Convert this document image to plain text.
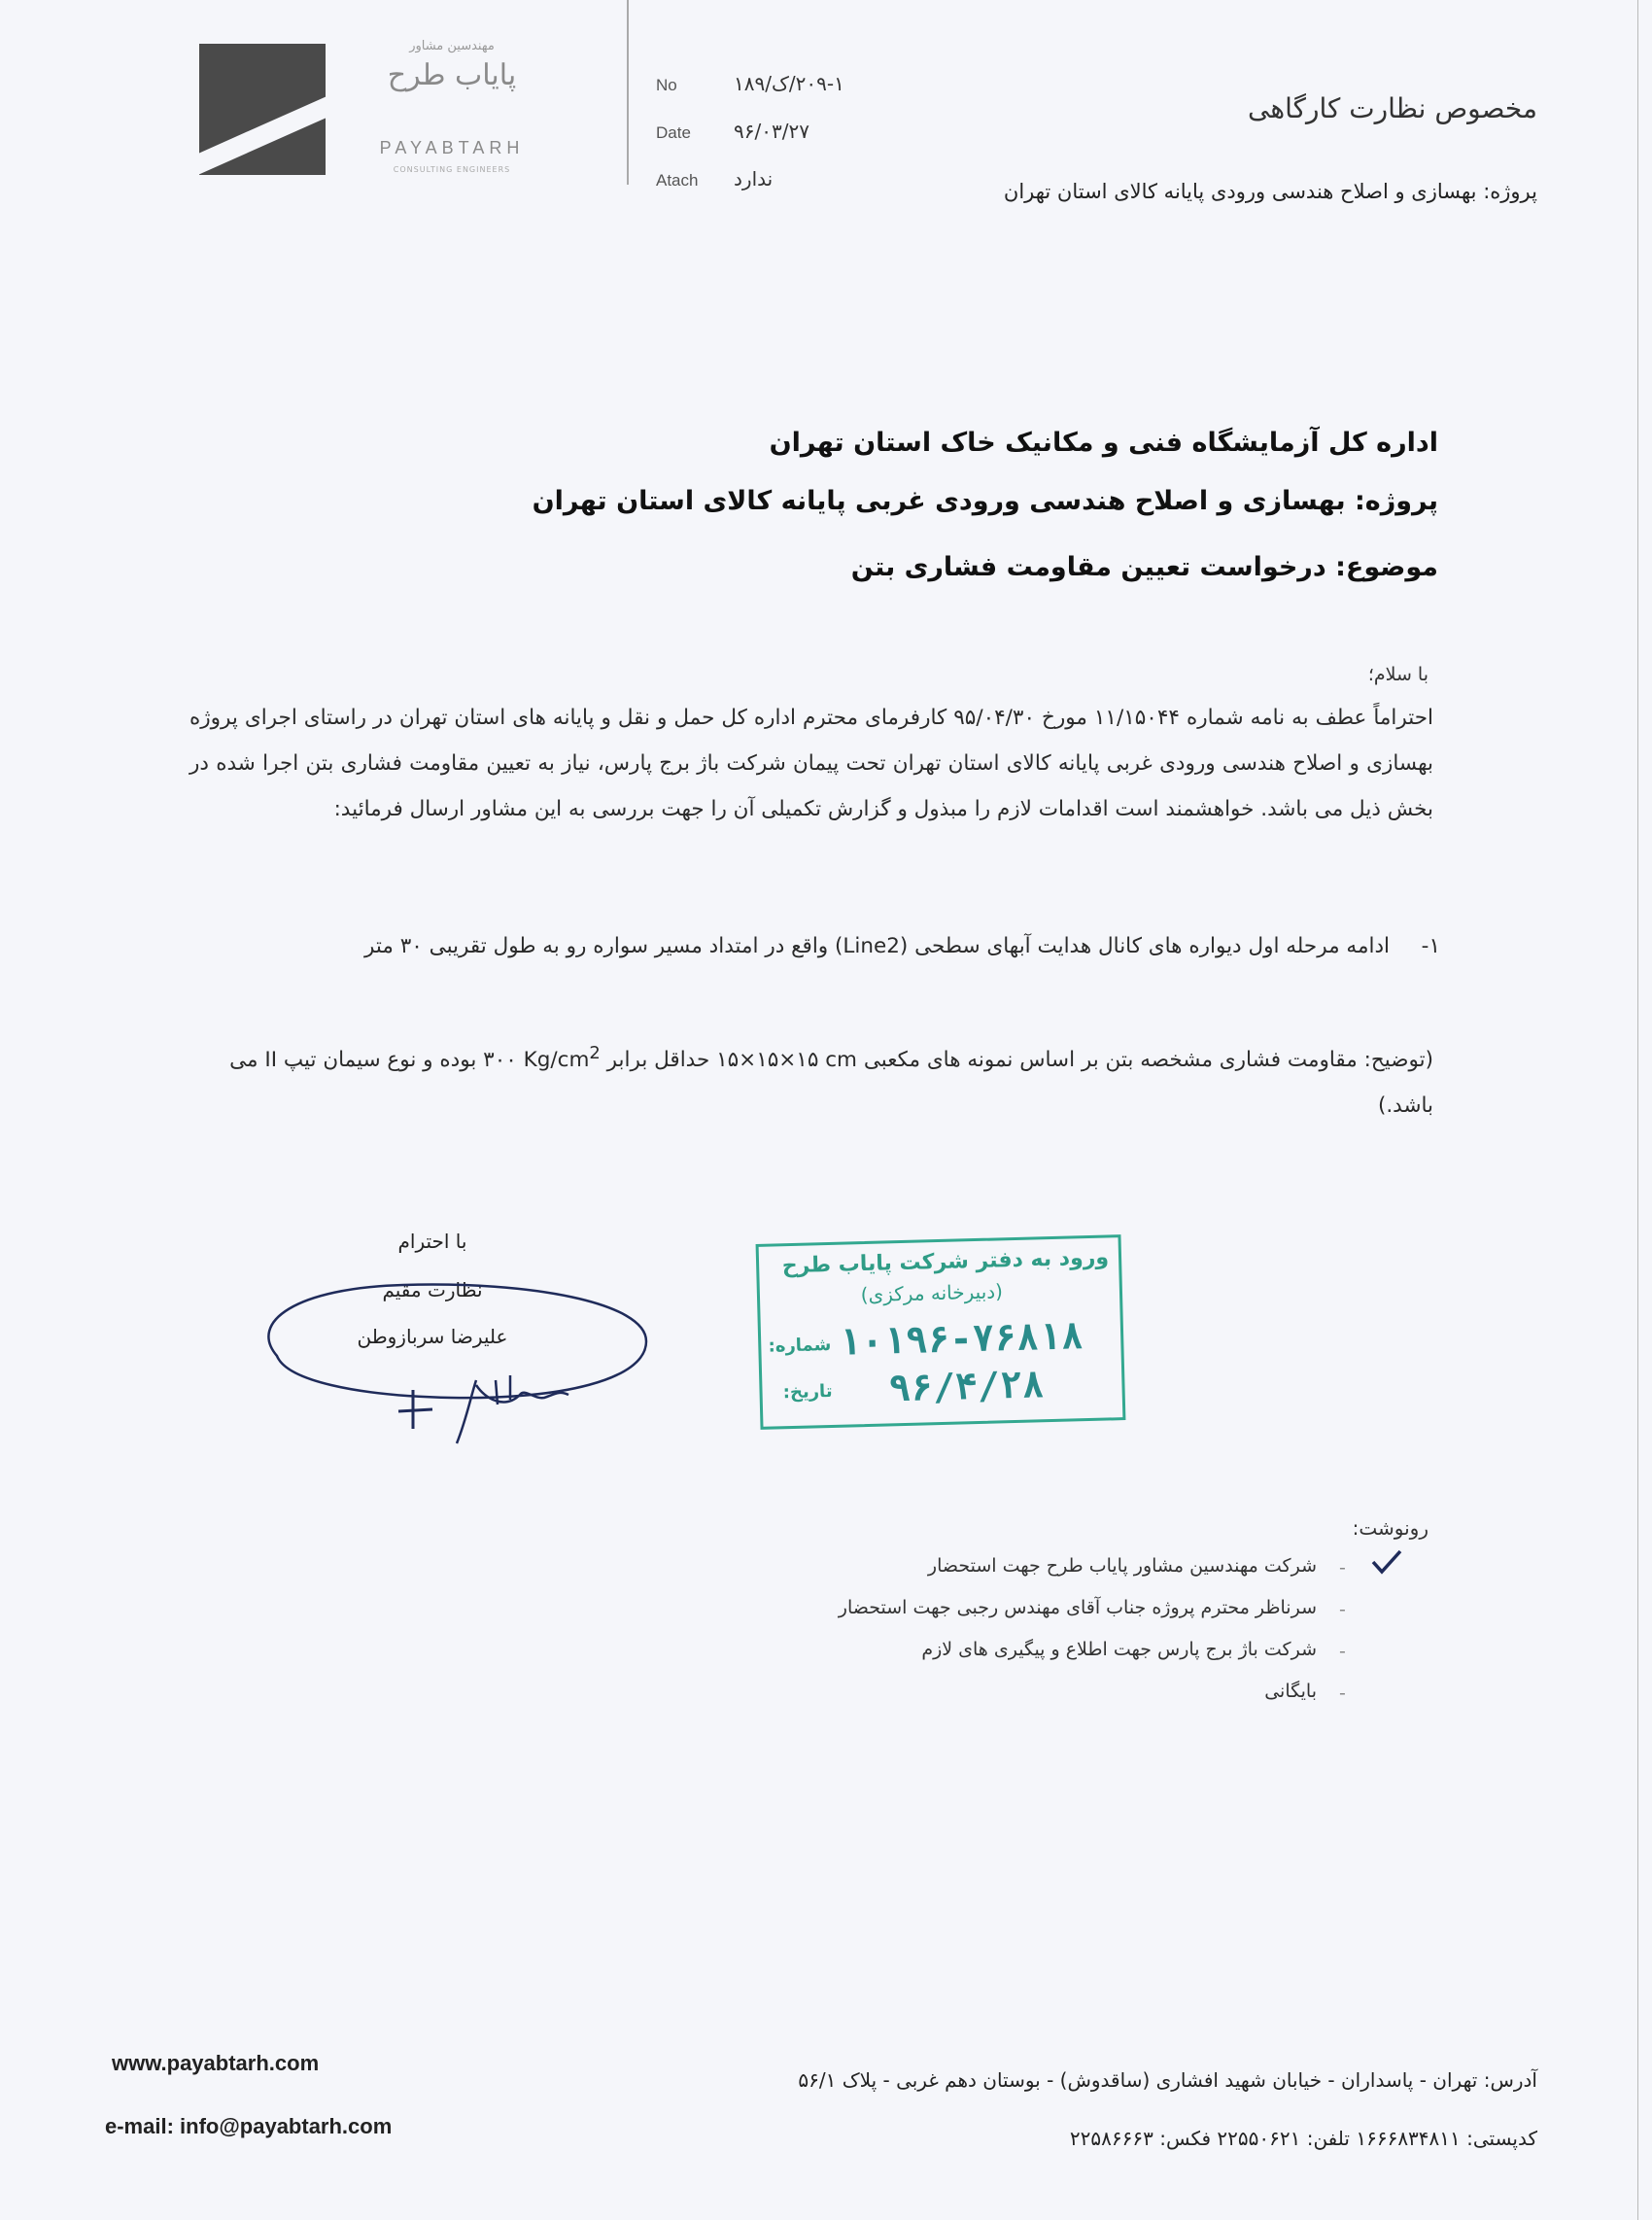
مهندسین مشاور
پایاب طرح
PAYABTARH
CONSULTING ENGINEERS
No	۲۰۹-۱/ک/۱۸۹
Date	۹۶/۰۳/۲۷
Atach	ندارد
مخصوص نظارت کارگاهی
پروژه: بهسازی و اصلاح هندسی ورودی پایانه کالای استان تهران
اداره کل آزمایشگاه فنی و مکانیک خاک استان تهران
پروژه: بهسازی و اصلاح هندسی ورودی غربی پایانه کالای استان تهران
موضوع: درخواست تعیین مقاومت فشاری بتن
با سلام؛
احتراماً عطف به نامه شماره ۱۱/۱۵۰۴۴ مورخ ۹۵/۰۴/۳۰ کارفرمای محترم اداره کل حمل و نقل و پایانه های استان تهران در راستای اجرای پروژه بهسازی و اصلاح هندسی ورودی غربی پایانه کالای استان تهران تحت پیمان شرکت باژ برج پارس، نیاز به تعیین مقاومت فشاری بتن اجرا شده در بخش ذیل می باشد. خواهشمند است اقدامات لازم را مبذول و گزارش تکمیلی آن را جهت بررسی به این مشاور ارسال فرمائید:
۱-
ادامه مرحله اول دیواره های کانال هدایت آبهای سطحی (Line2) واقع در امتداد مسیر سواره رو به طول تقریبی ۳۰ متر
(توضیح: مقاومت فشاری مشخصه بتن بر اساس نمونه های مکعبی ۱۵×۱۵×۱۵ cm حداقل برابر ۳۰۰ $Kg/cm^2$ بوده و نوع سیمان تیپ II می باشد.)
با احترام
نظارت مقیم
علیرضا سربازوطن
ورود به دفتر شرکت پایاب طرح
(دبیرخانه مرکزی)
شماره: ۱۰۱۹۶-۷۶۸۱۸
تاریخ: ۹۶/۴/۲۸
رونوشت:
-
شرکت مهندسین مشاور پایاب طرح جهت استحضار
-
سرناظر محترم پروژه جناب آقای مهندس رجبی جهت استحضار
-
شرکت باژ برج پارس جهت اطلاع و پیگیری های لازم
-
بایگانی
www.payabtarh.com
e-mail: info@payabtarh.com
آدرس: تهران - پاسداران - خیابان شهید افشاری (ساقدوش) - بوستان دهم غربی - پلاک ۵۶/۱
کدپستی: ۱۶۶۶۸۳۴۸۱۱ تلفن: ۲۲۵۵۰۶۲۱ فکس: ۲۲۵۸۶۶۶۳
